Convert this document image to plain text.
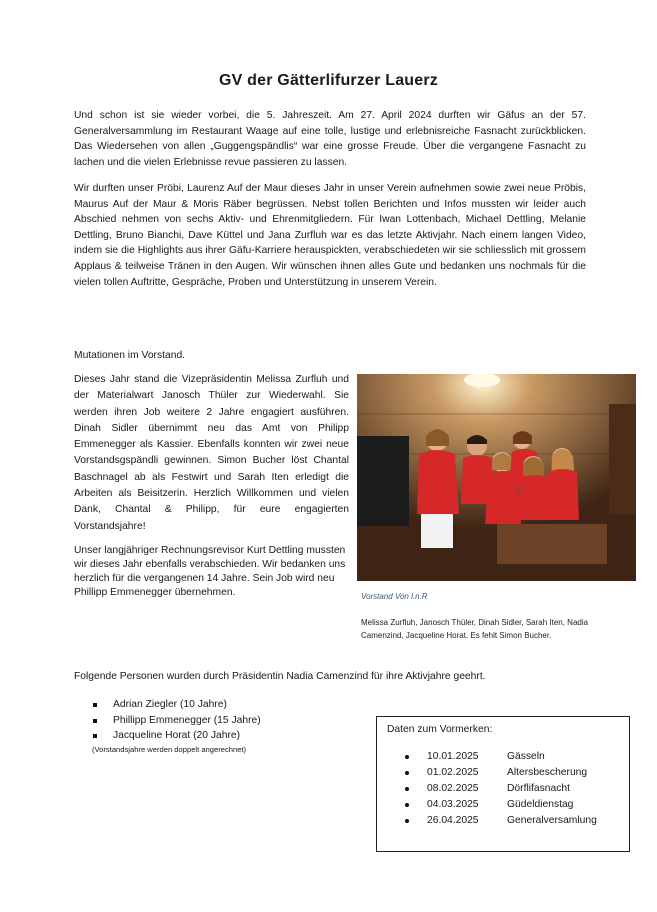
GV der Gätterlifurzer Lauerz

Und schon ist sie wieder vorbei, die 5. Jahreszeit. Am 27. April 2024 durften wir Gäfus an der 57. Generalversammlung im Restaurant Waage auf eine tolle, lustige und erlebnisreiche Fasnacht zurückblicken. Das Wiedersehen von allen „Guggengspändlis“ war eine grosse Freude. Über die vergangene Fasnacht zu lachen und die vielen Erlebnisse revue passieren zu lassen.

Wir durften unser Pröbi, Laurenz Auf der Maur dieses Jahr in unser Verein aufnehmen sowie zwei neue Pröbis, Maurus Auf der Maur & Moris Räber begrüssen. Nebst tollen Berichten und Infos mussten wir leider auch Abschied nehmen von sechs Aktiv- und Ehrenmitgliedern. Für Iwan Lottenbach, Michael Dettling, Melanie Dettling, Bruno Bianchi, Dave Küttel und Jana Zurfluh war es das letzte Aktivjahr. Nach einem langen Video, indem sie die Highlights aus ihrer Gäfu-Karriere herauspickten, verabschiedeten wir sie schliesslich mit grossem Applaus & teilweise Tränen in den Augen. Wir wünschen ihnen alles Gute und bedanken uns nochmals für die vielen tollen Auftritte, Gespräche, Proben und Unterstützung in unserem Verein.

Mutationen im Vorstand.

Dieses Jahr stand die Vizepräsidentin Melissa Zurfluh und der Materialwart Janosch Thüler zur Wiederwahl. Sie werden ihren Job weitere 2 Jahre engagiert ausführen. Dinah Sidler übernimmt neu das Amt von Philipp Emmenegger als Kassier. Ebenfalls konnten wir zwei neue Vorstandsgspändli gewinnen. Simon Bucher löst Chantal Baschnagel ab als Festwirt und Sarah Iten erledigt die Arbeiten als Beisitzerin. Herzlich Willkommen und vielen Dank, Chantal & Philipp, für eure engagierten Vorstandsjahre!

Unser langjähriger Rechnungsrevisor Kurt Dettling mussten wir dieses Jahr ebenfalls verabschieden. Wir bedanken uns herzlich für die vergangenen 14 Jahre. Sein Job wird neu
Phillipp Emmenegger übernehmen.	Vorstand Von l.n.R

Melissa Zurfluh, Janosch Thüler, Dinah Sidler, Sarah Iten, Nadia Camenzind, Jacqueline Horat. Es fehlt Simon Bucher.

Folgende Personen wurden durch Präsidentin Nadia Camenzind für ihre Aktivjahre geehrt.

Adrian Ziegler (10 Jahre)
Phillipp Emmenegger (15 Jahre)
Jacqueline Horat (20 Jahre)

(Vorstandsjahre werden doppelt angerechnet)

Daten zum Vormerken:

10.01.2025	Gässeln
01.02.2025	Altersbescherung
08.02.2025	Dörflifasnacht
04.03.2025	Güdeldienstag
26.04.2025	Generalversamlung
